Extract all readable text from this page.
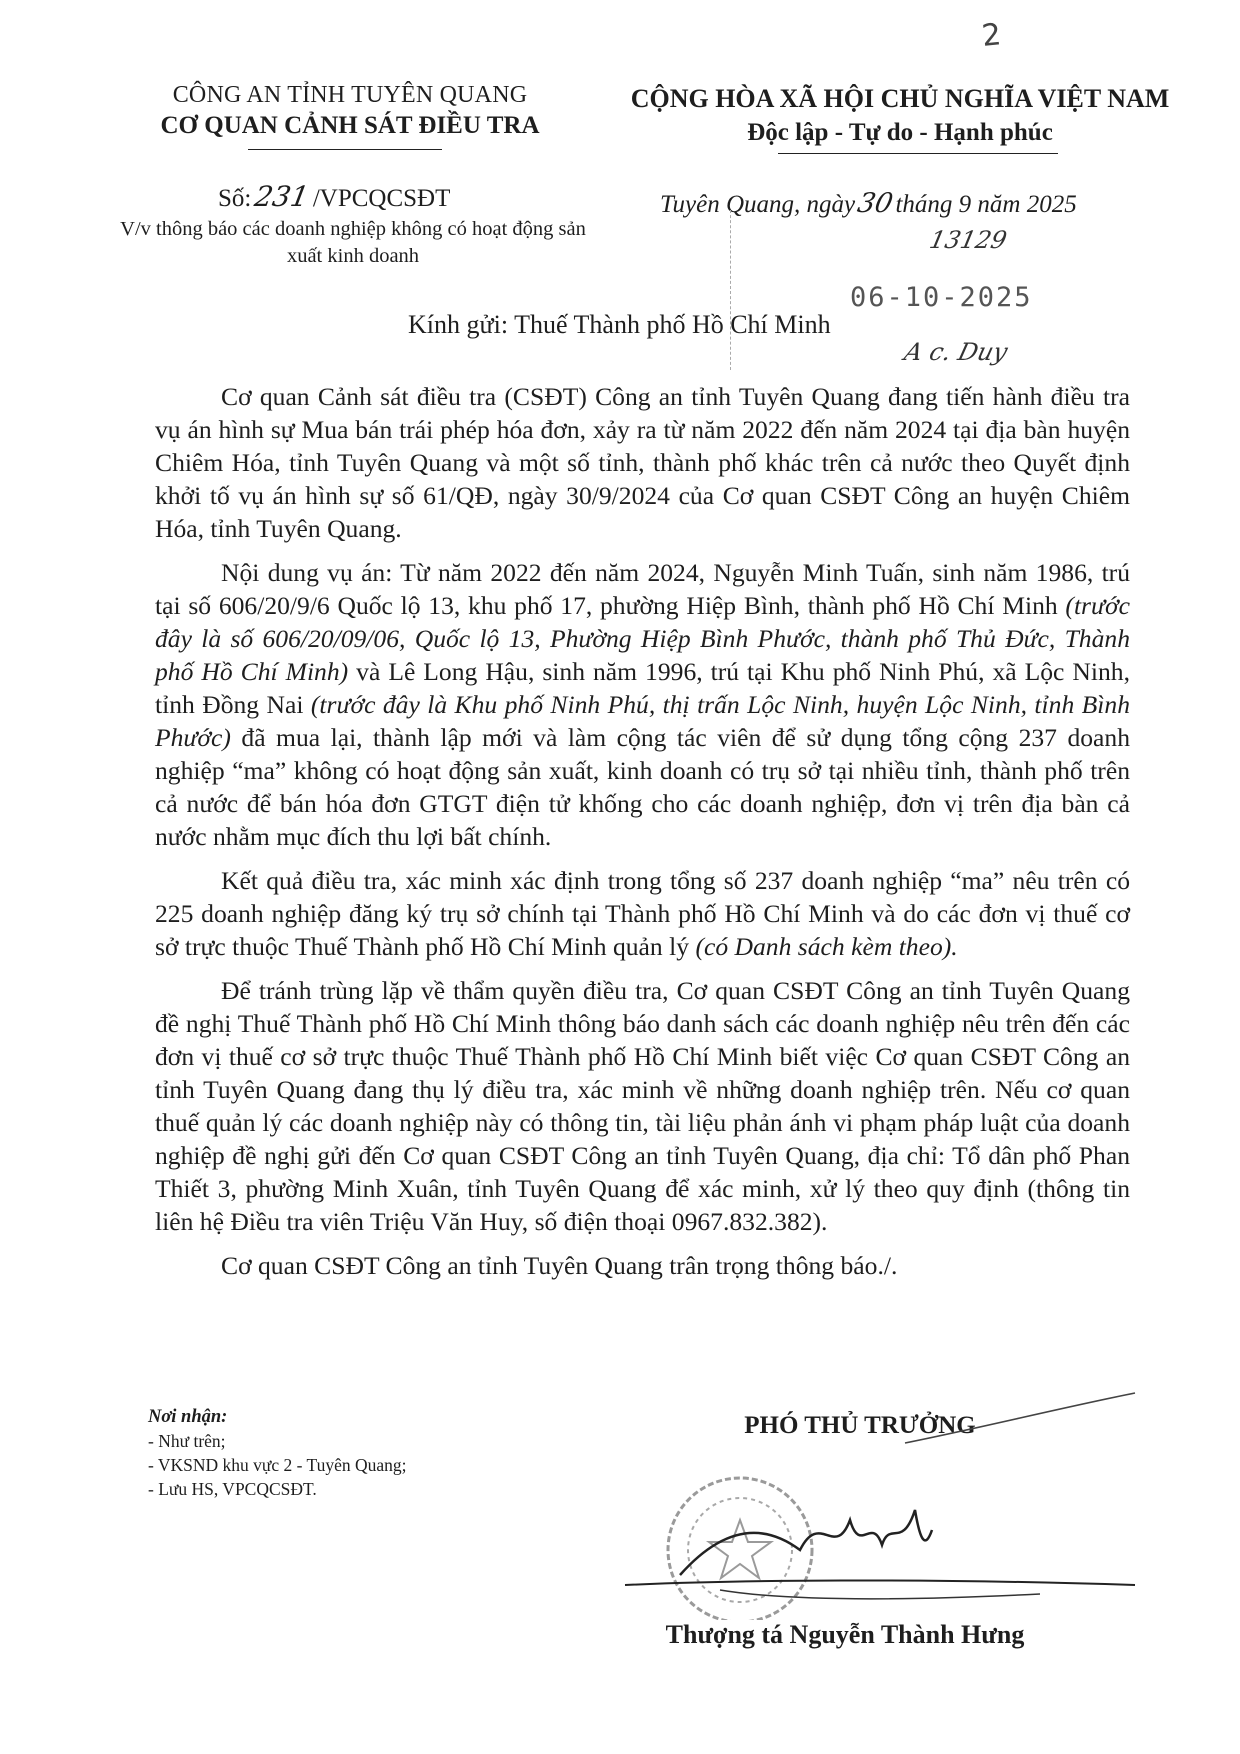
2
CÔNG AN TỈNH TUYÊN QUANG
CƠ QUAN CẢNH SÁT ĐIỀU TRA
CỘNG HÒA XÃ HỘI CHỦ NGHĨA VIỆT NAM
Độc lập - Tự do - Hạnh phúc
Số:231/VPCQCSĐT
V/v thông báo các doanh nghiệp không có hoạt động sản xuất kinh doanh
Tuyên Quang, ngày30tháng 9 năm 2025
13129
06-10-2025
A c. Duy
Kính gửi: Thuế Thành phố Hồ Chí Minh

Cơ quan Cảnh sát điều tra (CSĐT) Công an tỉnh Tuyên Quang đang tiến hành điều tra vụ án hình sự Mua bán trái phép hóa đơn, xảy ra từ năm 2022 đến năm 2024 tại địa bàn huyện Chiêm Hóa, tỉnh Tuyên Quang và một số tỉnh, thành phố khác trên cả nước theo Quyết định khởi tố vụ án hình sự số 61/QĐ, ngày 30/9/2024 của Cơ quan CSĐT Công an huyện Chiêm Hóa, tỉnh Tuyên Quang.

Nội dung vụ án: Từ năm 2022 đến năm 2024, Nguyễn Minh Tuấn, sinh năm 1986, trú tại số 606/20/9/6 Quốc lộ 13, khu phố 17, phường Hiệp Bình, thành phố Hồ Chí Minh (trước đây là số 606/20/09/06, Quốc lộ 13, Phường Hiệp Bình Phước, thành phố Thủ Đức, Thành phố Hồ Chí Minh) và Lê Long Hậu, sinh năm 1996, trú tại Khu phố Ninh Phú, xã Lộc Ninh, tỉnh Đồng Nai (trước đây là Khu phố Ninh Phú, thị trấn Lộc Ninh, huyện Lộc Ninh, tỉnh Bình Phước) đã mua lại, thành lập mới và làm cộng tác viên để sử dụng tổng cộng 237 doanh nghiệp “ma” không có hoạt động sản xuất, kinh doanh có trụ sở tại nhiều tỉnh, thành phố trên cả nước để bán hóa đơn GTGT điện tử khống cho các doanh nghiệp, đơn vị trên địa bàn cả nước nhằm mục đích thu lợi bất chính.

Kết quả điều tra, xác minh xác định trong tổng số 237 doanh nghiệp “ma” nêu trên có 225 doanh nghiệp đăng ký trụ sở chính tại Thành phố Hồ Chí Minh và do các đơn vị thuế cơ sở trực thuộc Thuế Thành phố Hồ Chí Minh quản lý (có Danh sách kèm theo).

Để tránh trùng lặp về thẩm quyền điều tra, Cơ quan CSĐT Công an tỉnh Tuyên Quang đề nghị Thuế Thành phố Hồ Chí Minh thông báo danh sách các doanh nghiệp nêu trên đến các đơn vị thuế cơ sở trực thuộc Thuế Thành phố Hồ Chí Minh biết việc Cơ quan CSĐT Công an tỉnh Tuyên Quang đang thụ lý điều tra, xác minh về những doanh nghiệp trên. Nếu cơ quan thuế quản lý các doanh nghiệp này có thông tin, tài liệu phản ánh vi phạm pháp luật của doanh nghiệp đề nghị gửi đến Cơ quan CSĐT Công an tỉnh Tuyên Quang, địa chỉ: Tổ dân phố Phan Thiết 3, phường Minh Xuân, tỉnh Tuyên Quang để xác minh, xử lý theo quy định (thông tin liên hệ Điều tra viên Triệu Văn Huy, số điện thoại 0967.832.382).

Cơ quan CSĐT Công an tỉnh Tuyên Quang trân trọng thông báo./.

Nơi nhận:
- Như trên;
- VKSND khu vực 2 - Tuyên Quang;
- Lưu HS, VPCQCSĐT.
PHÓ THỦ TRƯỞNG
Thượng tá Nguyễn Thành Hưng
